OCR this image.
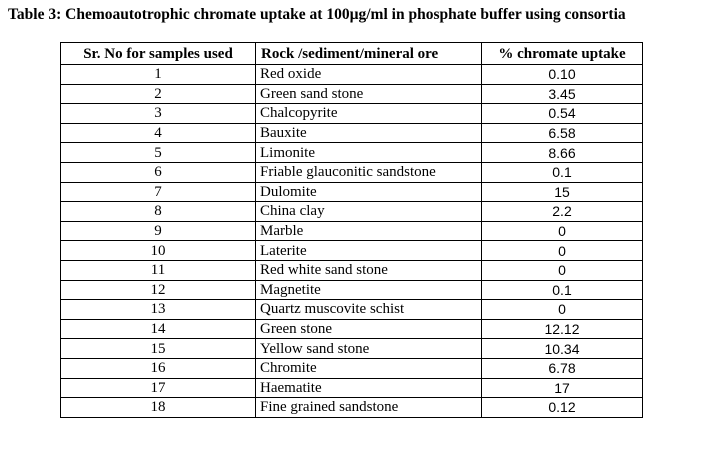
Table 3: Chemoautotrophic chromate uptake at 100µg/ml in phosphate buffer using consortia
Sr. No for samples used	Rock /sediment/mineral ore	% chromate uptake
1	Red oxide	0.10
2	Green sand stone	3.45
3	Chalcopyrite	0.54
4	Bauxite	6.58
5	Limonite	8.66
6	Friable glauconitic sandstone	0.1
7	Dulomite	15
8	China clay	2.2
9	Marble	0
10	Laterite	0
11	Red white sand stone	0
12	Magnetite	0.1
13	Quartz muscovite schist	0
14	Green stone	12.12
15	Yellow sand stone	10.34
16	Chromite	6.78
17	Haematite	17
18	Fine grained sandstone	0.12
